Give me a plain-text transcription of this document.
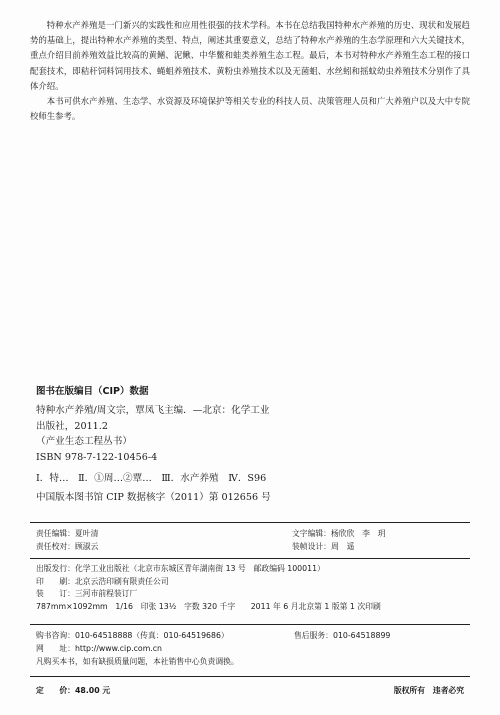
特种水产养殖是一门新兴的实践性和应用性很强的技术学科。本书在总结我国特种水产养殖的历史、现状和发展趋势的基础上，提出特种水产养殖的类型、特点，阐述其重要意义，总结了特种水产养殖的生态学原理和六大关键技术，重点介绍目前养殖效益比较高的黄鳝、泥鳅、中华鳖和蛙类养殖生态工程。最后，本书对特种水产养殖生态工程的接口配套技术，即秸秆饲料饲用技术、蝇蛆养殖技术、黄粉虫养殖技术以及无菌蛆、水丝蚓和摇蚊幼虫养殖技术分别作了具体介绍。

本书可供水产养殖、生态学、水资源及环境保护等相关专业的科技人员、决策管理人员和广大养殖户以及大中专院校师生参考。

图书在版编目（CIP）数据
特种水产养殖/周文宗，覃凤飞主编．—北京：化学工业
出版社，2011.2
（产业生态工程丛书）
ISBN 978-7-122-10456-4
Ⅰ．特…　Ⅱ．①周…②覃…　Ⅲ．水产养殖　Ⅳ．S96
中国版本图书馆 CIP 数据核字（2011）第 012656 号
责任编辑：夏叶清
责任校对：顾淑云
文字编辑：杨欣欣　李　玥
装帧设计：周　遥
出版发行：化学工业出版社（北京市东城区青年湖南街 13 号　邮政编码 100011）
印　　刷：北京云浩印刷有限责任公司
装　　订：三河市前程装订厂
787mm×1092mm　1/16　印张 13½　字数 320 千字　　2011 年 6 月北京第 1 版第 1 次印刷
购书咨询：010-64518888（传真：010-64519686）	售后服务：010-64518899
网　　址：http://www.cip.com.cn
凡购买本书，如有缺损质量问题，本社销售中心负责调换。
定　　价：48.00 元	版权所有　违者必究
